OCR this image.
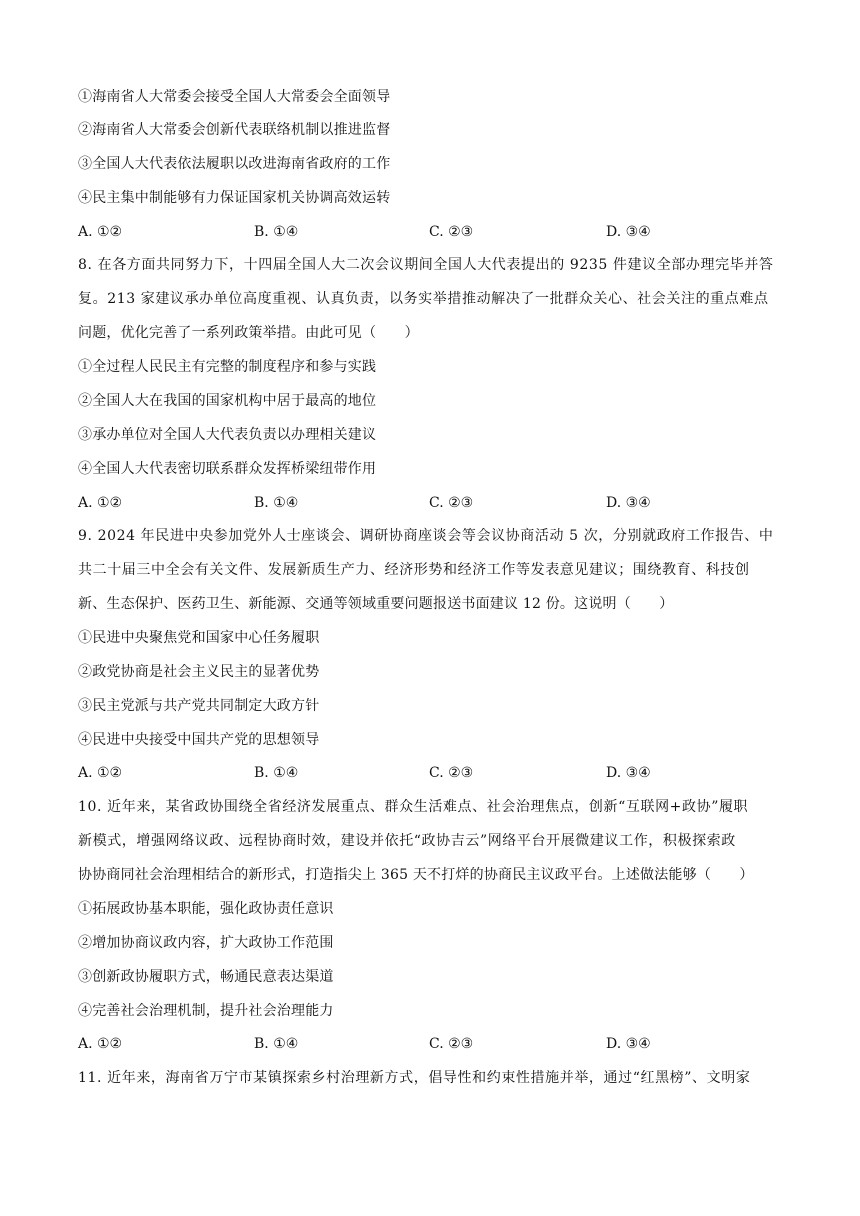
①海南省人大常委会接受全国人大常委会全面领导
②海南省人大常委会创新代表联络机制以推进监督
③全国人大代表依法履职以改进海南省政府的工作
④民主集中制能够有力保证国家机关协调高效运转
A. ①②	B. ①④	C. ②③	D. ③④
8. 在各方面共同努力下，十四届全国人大二次会议期间全国人大代表提出的 9235 件建议全部办理完毕并答
复。213 家建议承办单位高度重视、认真负责，以务实举措推动解决了一批群众关心、社会关注的重点难点
问题，优化完善了一系列政策举措。由此可见（　　）
①全过程人民民主有完整的制度程序和参与实践
②全国人大在我国的国家机构中居于最高的地位
③承办单位对全国人大代表负责以办理相关建议
④全国人大代表密切联系群众发挥桥梁纽带作用
A. ①②	B. ①④	C. ②③	D. ③④
9. 2024 年民进中央参加党外人士座谈会、调研协商座谈会等会议协商活动 5 次，分别就政府工作报告、中
共二十届三中全会有关文件、发展新质生产力、经济形势和经济工作等发表意见建议；围绕教育、科技创
新、生态保护、医药卫生、新能源、交通等领域重要问题报送书面建议 12 份。这说明（　　）
①民进中央聚焦党和国家中心任务履职
②政党协商是社会主义民主的显著优势
③民主党派与共产党共同制定大政方针
④民进中央接受中国共产党的思想领导
A. ①②	B. ①④	C. ②③	D. ③④
10. 近年来，某省政协围绕全省经济发展重点、群众生活难点、社会治理焦点，创新“互联网+政协”履职
新模式，增强网络议政、远程协商时效，建设并依托“政协吉云”网络平台开展微建议工作，积极探索政
协协商同社会治理相结合的新形式，打造指尖上 365 天不打烊的协商民主议政平台。上述做法能够（　　）
①拓展政协基本职能，强化政协责任意识
②增加协商议政内容，扩大政协工作范围
③创新政协履职方式，畅通民意表达渠道
④完善社会治理机制，提升社会治理能力
A. ①②	B. ①④	C. ②③	D. ③④
11. 近年来，海南省万宁市某镇探索乡村治理新方式，倡导性和约束性措施并举，通过“红黑榜”、文明家
